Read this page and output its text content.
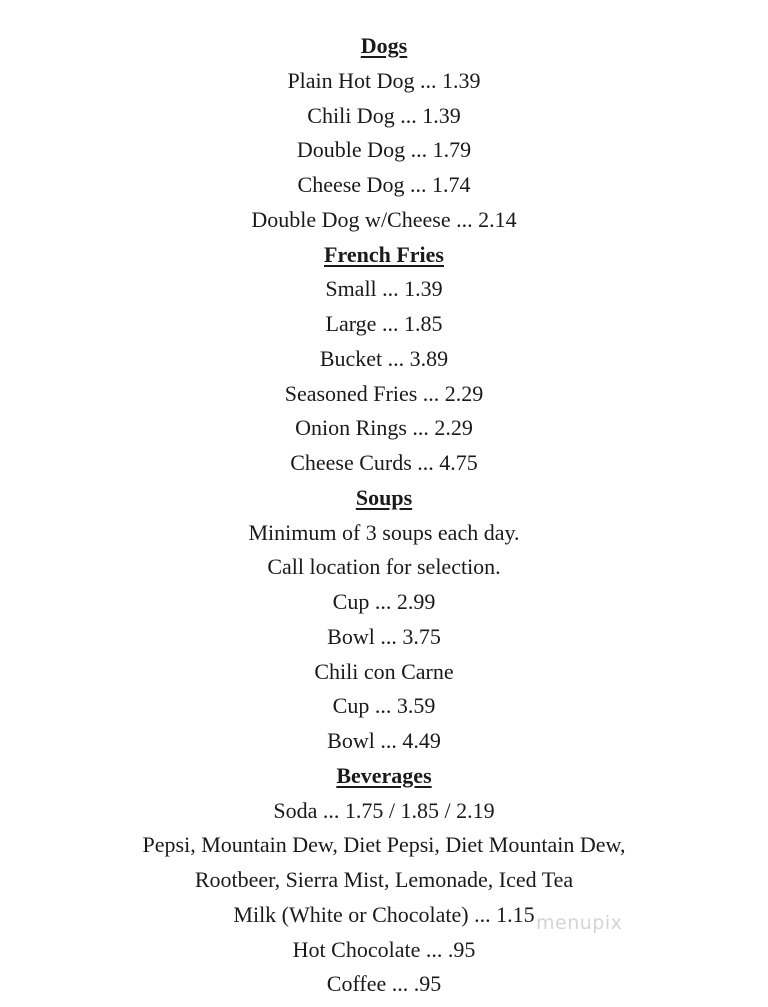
Dogs
Plain Hot Dog ... 1.39
Chili Dog ... 1.39
Double Dog ... 1.79
Cheese Dog ... 1.74
Double Dog w/Cheese ... 2.14
French Fries
Small ... 1.39
Large ... 1.85
Bucket ... 3.89
Seasoned Fries ... 2.29
Onion Rings ... 2.29
Cheese Curds ... 4.75
Soups
Minimum of 3 soups each day.
Call location for selection.
Cup ... 2.99
Bowl ... 3.75
Chili con Carne
Cup ... 3.59
Bowl ... 4.49
Beverages
Soda ... 1.75 / 1.85 / 2.19
Pepsi, Mountain Dew, Diet Pepsi, Diet Mountain Dew,
Rootbeer, Sierra Mist, Lemonade, Iced Tea
Milk (White or Chocolate) ... 1.15
Hot Chocolate ... .95
Coffee ... .95
menupix
